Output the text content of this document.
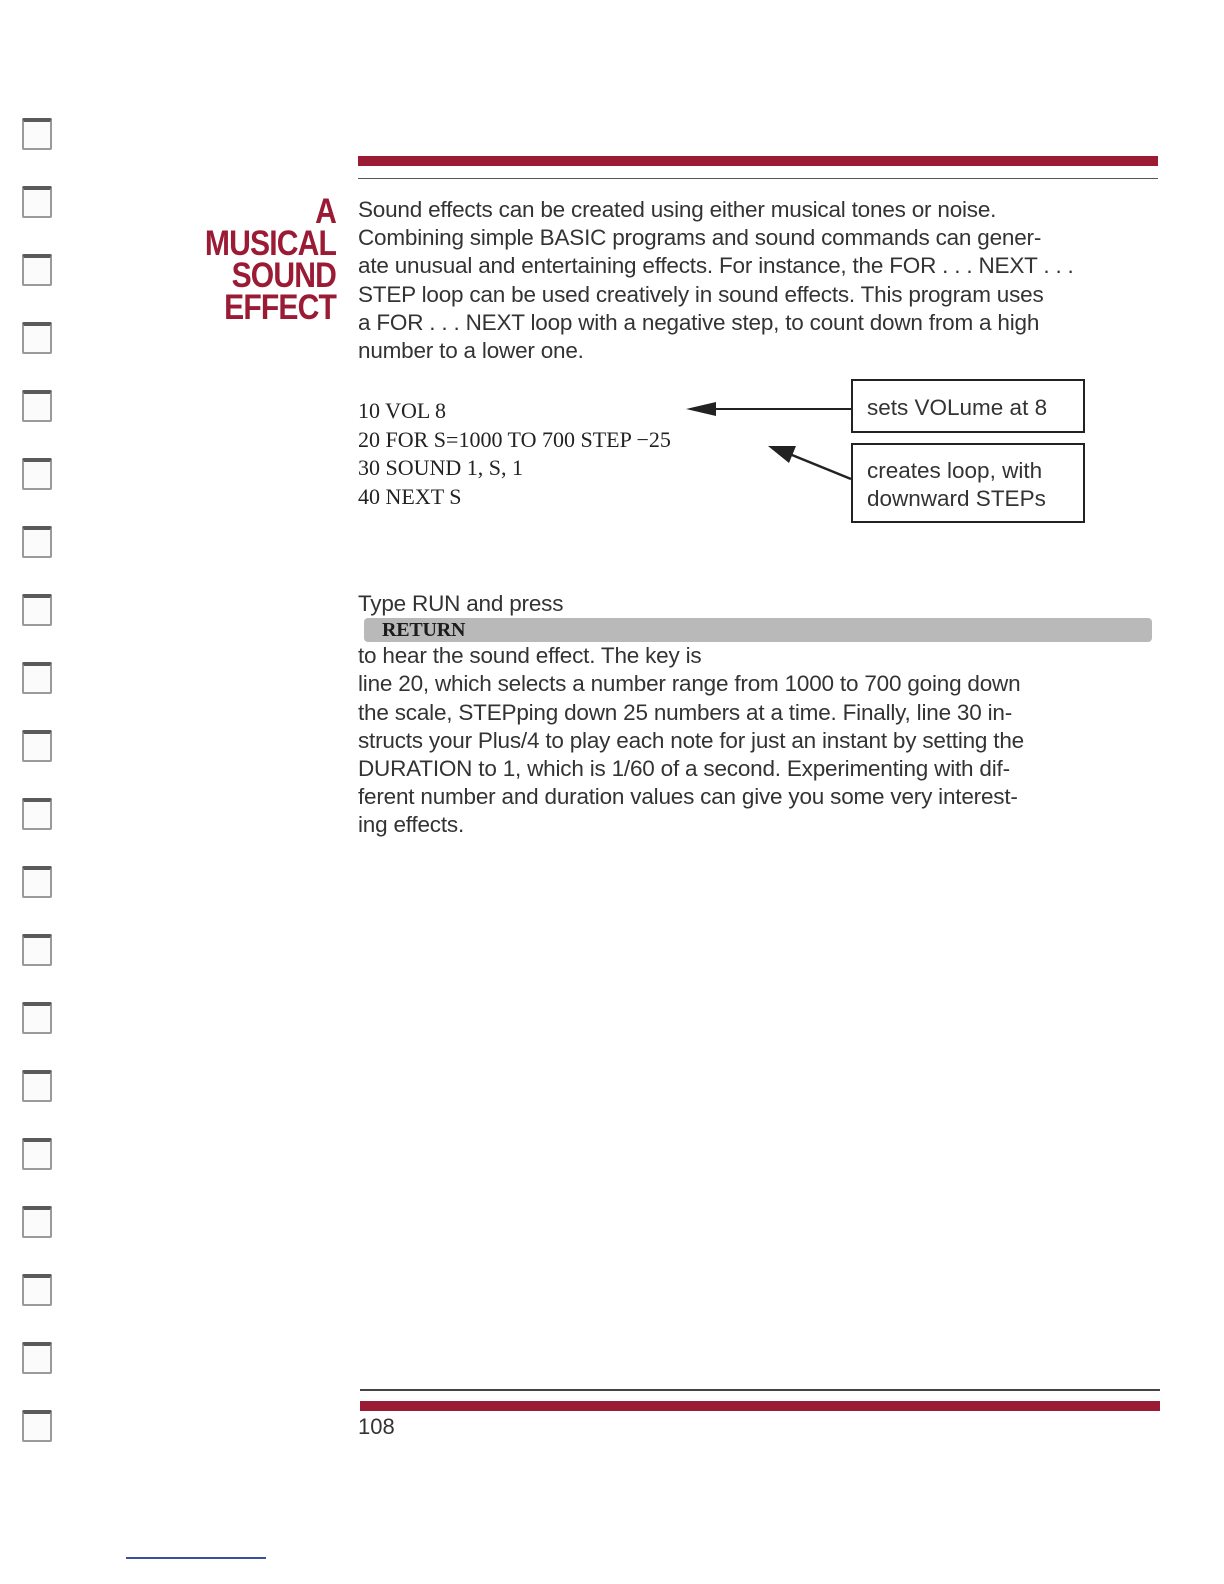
A
MUSICAL
SOUND
EFFECT
Sound effects can be created using either musical tones or noise.
Combining simple BASIC programs and sound commands can gener-
ate unusual and entertaining effects. For instance, the FOR . . . NEXT . . .
STEP loop can be used creatively in sound effects. This program uses
a FOR . . . NEXT loop with a negative step, to count down from a high
number to a lower one.
10 VOL 8
20 FOR S=1000 TO 700 STEP −25
30 SOUND 1, S, 1
40 NEXT S
sets VOLume at 8
creates loop, with
downward STEPs
Type RUN and press
RETURN
to hear the sound effect. The key is
line 20, which selects a number range from 1000 to 700 going down
the scale, STEPping down 25 numbers at a time. Finally, line 30 in-
structs your Plus/4 to play each note for just an instant by setting the
DURATION to 1, which is 1/60 of a second. Experimenting with dif-
ferent number and duration values can give you some very interest-
ing effects.
108
